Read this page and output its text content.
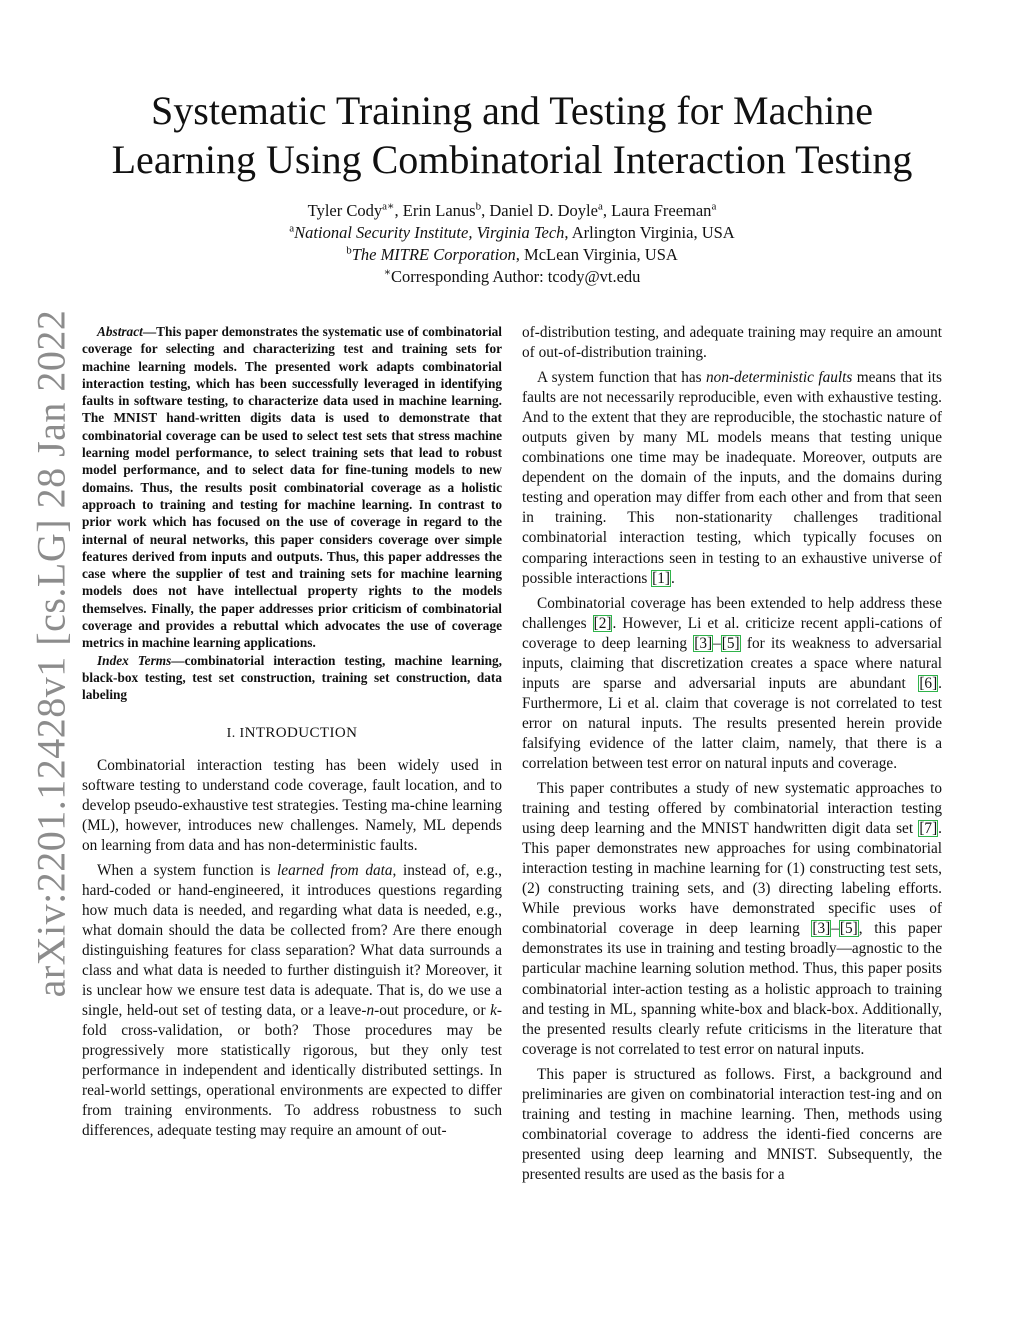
arXiv:2201.12428v1 [cs.LG] 28 Jan 2022
Systematic Training and Testing for Machine
Learning Using Combinatorial Interaction Testing
Tyler Cody$^{a∗}$, Erin Lanus$^b$, Daniel D. Doyle$^a$, Laura Freeman$^a$
$^a$National Security Institute, Virginia Tech, Arlington Virginia, USA
$^b$The MITRE Corporation, McLean Virginia, USA
∗Corresponding Author: tcody@vt.edu

Abstract—This paper demonstrates the systematic use of combinatorial coverage for selecting and characterizing test and training sets for machine learning models. The presented work adapts combinatorial interaction testing, which has been successfully leveraged in identifying faults in software testing, to characterize data used in machine learning. The MNIST hand-written digits data is used to demonstrate that combinatorial coverage can be used to select test sets that stress machine learning model performance, to select training sets that lead to robust model performance, and to select data for fine-tuning models to new domains. Thus, the results posit combinatorial coverage as a holistic approach to training and testing for machine learning. In contrast to prior work which has focused on the use of coverage in regard to the internal of neural networks, this paper considers coverage over simple features derived from inputs and outputs. Thus, this paper addresses the case where the supplier of test and training sets for machine learning models does not have intellectual property rights to the models themselves. Finally, the paper addresses prior criticism of combinatorial coverage and provides a rebuttal which advocates the use of coverage metrics in machine learning applications.

Index Terms—combinatorial interaction testing, machine learning, black-box testing, test set construction, training set construction, data labeling

I. INTRODUCTION

Combinatorial interaction testing has been widely used in software testing to understand code coverage, fault location, and to develop pseudo-exhaustive test strategies. Testing ma-chine learning (ML), however, introduces new challenges. Namely, ML depends on learning from data and has non-deterministic faults.

When a system function is learned from data, instead of, e.g., hard-coded or hand-engineered, it introduces questions regarding how much data is needed, and regarding what data is needed, e.g., what domain should the data be collected from? Are there enough distinguishing features for class separation? What data surrounds a class and what data is needed to further distinguish it? Moreover, it is unclear how we ensure test data is adequate. That is, do we use a single, held-out set of testing data, or a leave-n-out procedure, or k-fold cross-validation, or both? Those procedures may be progressively more statistically rigorous, but they only test performance in independent and identically distributed settings. In real-world settings, operational environments are expected to differ from training environments. To address robustness to such differences, adequate testing may require an amount of out-

of-distribution testing, and adequate training may require an amount of out-of-distribution training.

A system function that has non-deterministic faults means that its faults are not necessarily reproducible, even with exhaustive testing. And to the extent that they are reproducible, the stochastic nature of outputs given by many ML models means that testing unique combinations one time may be inadequate. Moreover, outputs are dependent on the domain of the inputs, and the domains during testing and operation may differ from each other and from that seen in training. This non-stationarity challenges traditional combinatorial interaction testing, which typically focuses on comparing interactions seen in testing to an exhaustive universe of possible interactions [1].

Combinatorial coverage has been extended to help address these challenges [2]. However, Li et al. criticize recent appli-cations of coverage to deep learning [3]–[5] for its weakness to adversarial inputs, claiming that discretization creates a space where natural inputs are sparse and adversarial inputs are abundant [6]. Furthermore, Li et al. claim that coverage is not correlated to test error on natural inputs. The results presented herein provide falsifying evidence of the latter claim, namely, that there is a correlation between test error on natural inputs and coverage.

This paper contributes a study of new systematic approaches to training and testing offered by combinatorial interaction testing using deep learning and the MNIST handwritten digit data set [7]. This paper demonstrates new approaches for using combinatorial interaction testing in machine learning for (1) constructing test sets, (2) constructing training sets, and (3) directing labeling efforts. While previous works have demonstrated specific uses of combinatorial coverage in deep learning [3]–[5], this paper demonstrates its use in training and testing broadly—agnostic to the particular machine learning solution method. Thus, this paper posits combinatorial inter-action testing as a holistic approach to training and testing in ML, spanning white-box and black-box. Additionally, the presented results clearly refute criticisms in the literature that coverage is not correlated to test error on natural inputs.

This paper is structured as follows. First, a background and preliminaries are given on combinatorial interaction test-ing and on training and testing in machine learning. Then, methods using combinatorial coverage to address the identi-fied concerns are presented using deep learning and MNIST. Subsequently, the presented results are used as the basis for a
